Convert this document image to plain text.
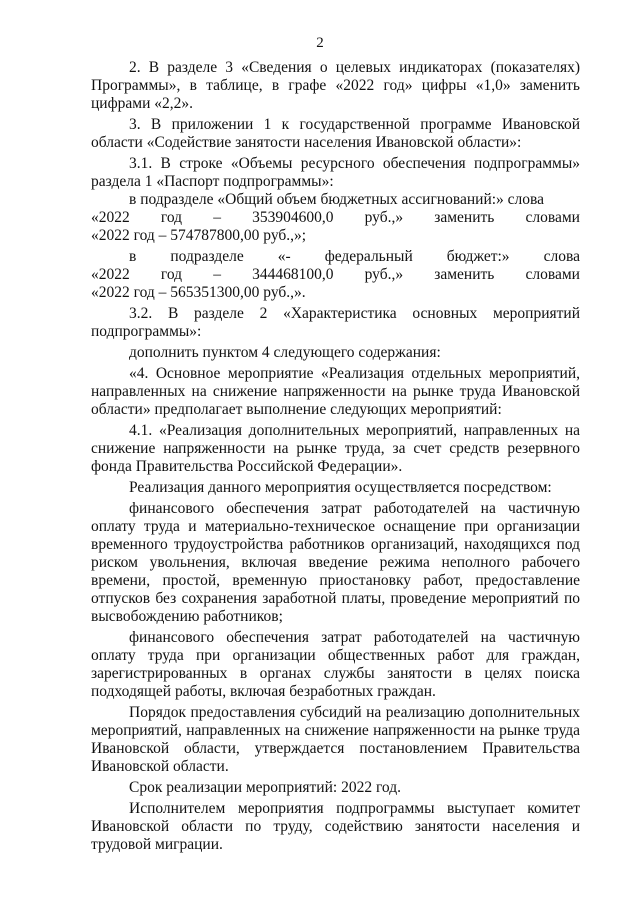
2

2. В разделе 3 «Сведения о целевых индикаторах (показателях) Программы», в таблице, в графе «2022 год» цифры «1,0» заменить цифрами «2,2».

3. В приложении 1 к государственной программе Ивановской области «Содействие занятости населения Ивановской области»:

3.1. В строке «Объемы ресурсного обеспечения подпрограммы» раздела 1 «Паспорт подпрограммы»:

в подразделе «Общий объем бюджетных ассигнований:» слова

«2022 год – 353904600,0 руб.,» заменить словами

«2022 год – 574787800,00 руб.,»;

в подразделе «- федеральный бюджет:» слова
«2022 год – 344468100,0 руб.,» заменить словами

«2022 год – 565351300,00 руб.,».

3.2. В разделе 2 «Характеристика основных мероприятий подпрограммы»:

дополнить пунктом 4 следующего содержания:

«4. Основное мероприятие «Реализация отдельных мероприятий, направленных на снижение напряженности на рынке труда Ивановской области» предполагает выполнение следующих мероприятий:

4.1. «Реализация дополнительных мероприятий, направленных на снижение напряженности на рынке труда, за счет средств резервного фонда Правительства Российской Федерации».

Реализация данного мероприятия осуществляется посредством:

финансового обеспечения затрат работодателей на частичную оплату труда и материально-техническое оснащение при организации временного трудоустройства работников организаций, находящихся под риском увольнения, включая введение режима неполного рабочего времени, простой, временную приостановку работ, предоставление отпусков без сохранения заработной платы, проведение мероприятий по высвобождению работников;

финансового обеспечения затрат работодателей на частичную оплату труда при организации общественных работ для граждан, зарегистрированных в органах службы занятости в целях поиска подходящей работы, включая безработных граждан.

Порядок предоставления субсидий на реализацию дополнительных мероприятий, направленных на снижение напряженности на рынке труда Ивановской области, утверждается постановлением Правительства Ивановской области.

Срок реализации мероприятий: 2022 год.

Исполнителем мероприятия подпрограммы выступает комитет Ивановской области по труду, содействию занятости населения и трудовой миграции.
